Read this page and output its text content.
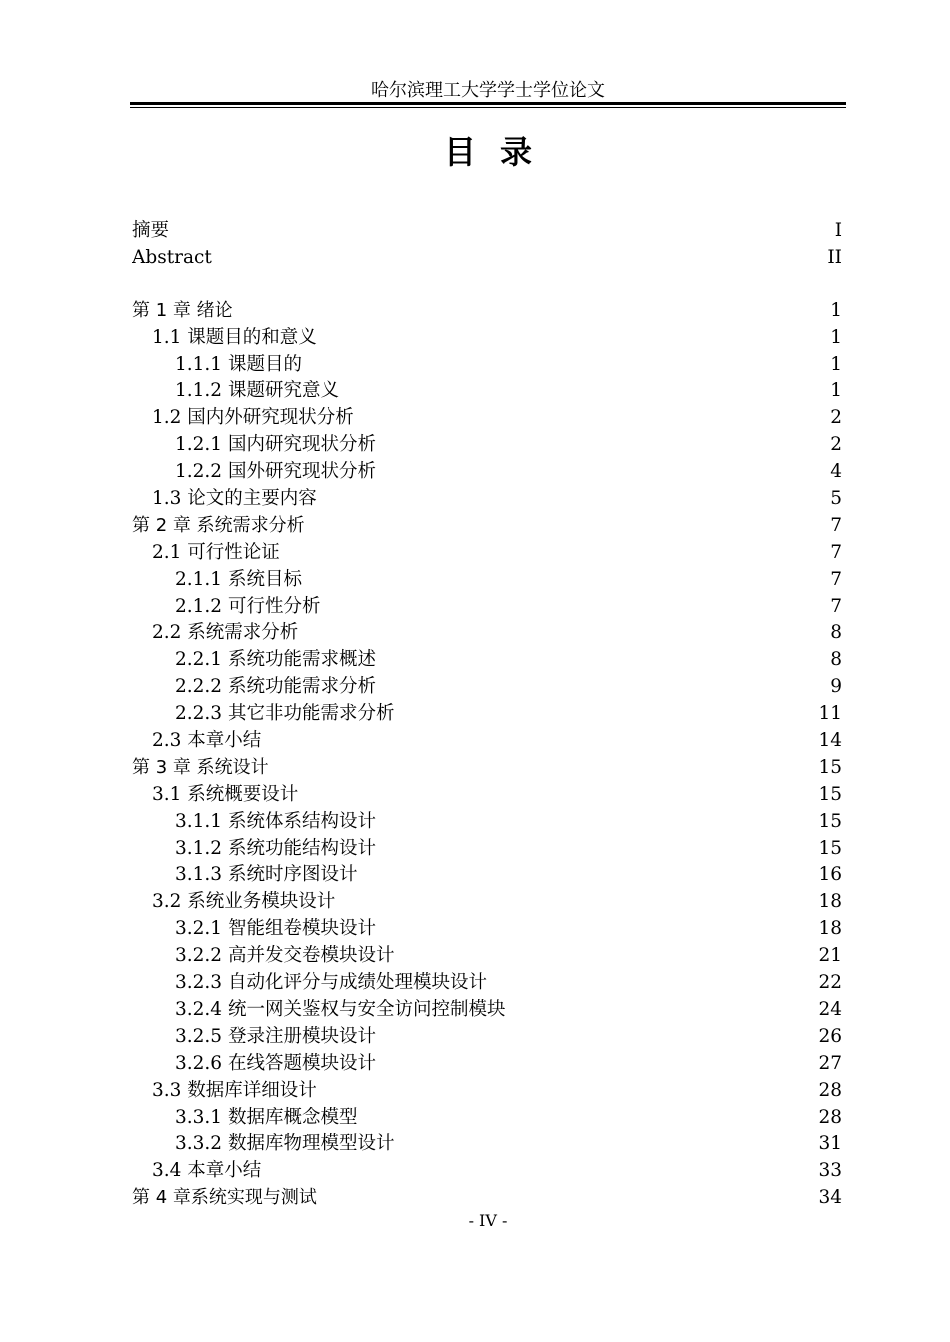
哈尔滨理工大学学士学位论文
目录
摘要	I
Abstract	II
第 1 章 绪论	1
1.1 课题目的和意义	1
1.1.1 课题目的	1
1.1.2 课题研究意义	1
1.2 国内外研究现状分析	2
1.2.1 国内研究现状分析	2
1.2.2 国外研究现状分析	4
1.3 论文的主要内容	5
第 2 章 系统需求分析	7
2.1 可行性论证	7
2.1.1 系统目标	7
2.1.2 可行性分析	7
2.2 系统需求分析	8
2.2.1 系统功能需求概述	8
2.2.2 系统功能需求分析	9
2.2.3 其它非功能需求分析	11
2.3 本章小结	14
第 3 章 系统设计	15
3.1 系统概要设计	15
3.1.1 系统体系结构设计	15
3.1.2 系统功能结构设计	15
3.1.3 系统时序图设计	16
3.2 系统业务模块设计	18
3.2.1 智能组卷模块设计	18
3.2.2 高并发交卷模块设计	21
3.2.3 自动化评分与成绩处理模块设计	22
3.2.4 统一网关鉴权与安全访问控制模块	24
3.2.5 登录注册模块设计	26
3.2.6 在线答题模块设计	27
3.3 数据库详细设计	28
3.3.1 数据库概念模型	28
3.3.2 数据库物理模型设计	31
3.4 本章小结	33
第 4 章系统实现与测试	34
- IV -
